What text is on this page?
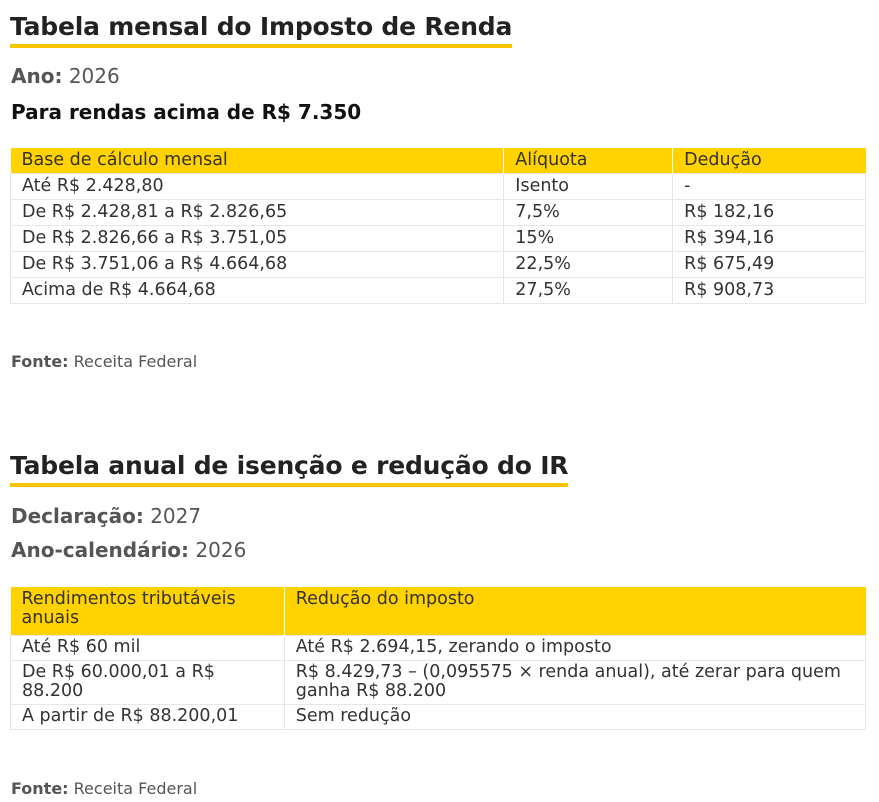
Tabela mensal do Imposto de Renda
Ano: 2026
Para rendas acima de R$ 7.350
Base de cálculo mensal	Alíquota	Dedução
Até R$ 2.428,80	Isento	-
De R$ 2.428,81 a R$ 2.826,65	7,5%	R$ 182,16
De R$ 2.826,66 a R$ 3.751,05	15%	R$ 394,16
De R$ 3.751,06 a R$ 4.664,68	22,5%	R$ 675,49
Acima de R$ 4.664,68	27,5%	R$ 908,73
Fonte: Receita Federal
Tabela anual de isenção e redução do IR
Declaração: 2027
Ano-calendário: 2026
Rendimentos tributáveis anuais	Redução do imposto
Até R$ 60 mil	Até R$ 2.694,15, zerando o imposto
De R$ 60.000,01 a R$ 88.200	R$ 8.429,73 – (0,095575 × renda anual), até zerar para quem ganha R$ 88.200
A partir de R$ 88.200,01	Sem redução
Fonte: Receita Federal
